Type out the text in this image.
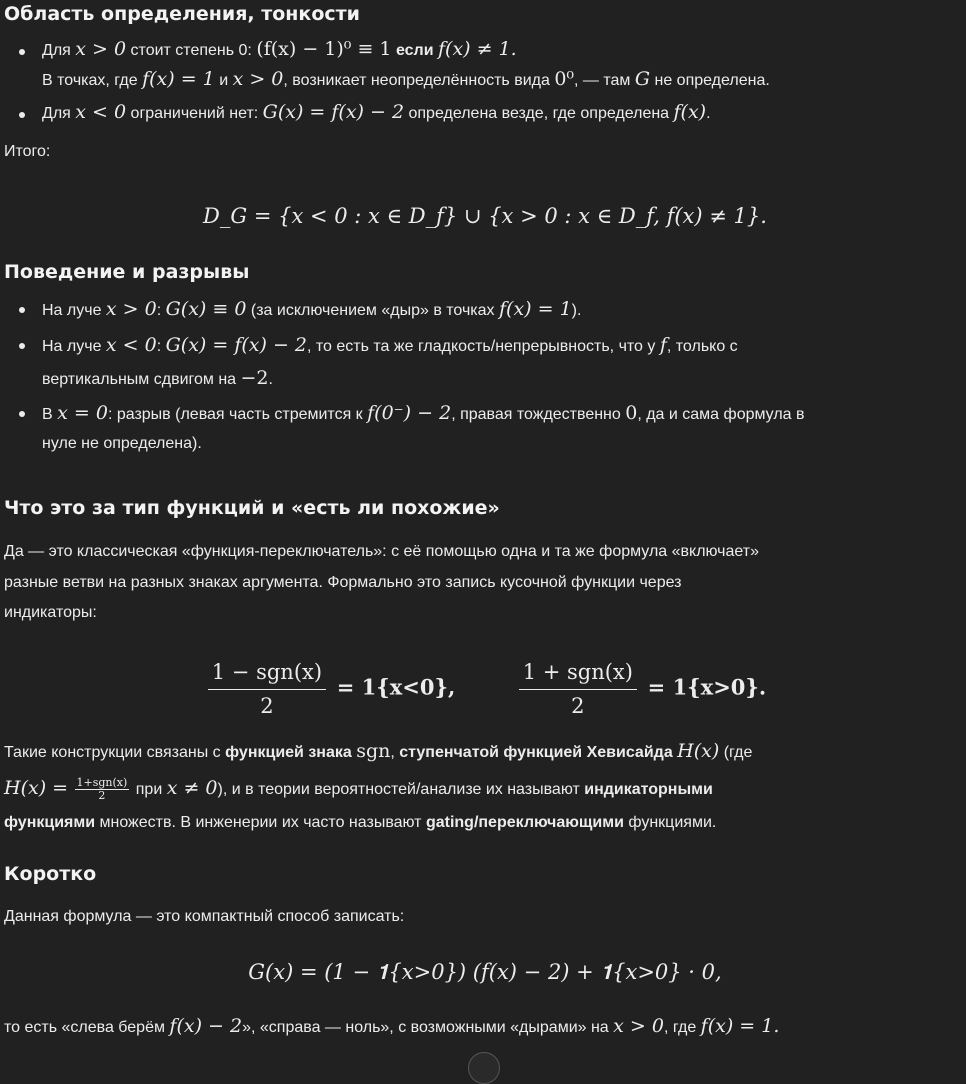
Область определения, тонкости
Для x > 0 стоит степень 0: (f(x) − 1)⁰ ≡ 1 если f(x) ≠ 1.
В точках, где f(x) = 1 и x > 0, возникает неопределённость вида 0⁰, — там G не определена.
Для x < 0 ограничений нет: G(x) = f(x) − 2 определена везде, где определена f(x).

Итого:

D_G = {x < 0 : x ∈ D_f} ∪ {x > 0 : x ∈ D_f, f(x) ≠ 1}.
Поведение и разрывы
На луче x > 0: G(x) ≡ 0 (за исключением «дыр» в точках f(x) = 1).
На луче x < 0: G(x) = f(x) − 2, то есть та же гладкость/непрерывность, что у f, только с
вертикальным сдвигом на −2.
В x = 0: разрыв (левая часть стремится к f(0⁻) − 2, правая тождественно 0, да и сама формула в
нуле не определена).
Что это за тип функций и «есть ли похожие»

Да — это классическая «функция-переключатель»: с её помощью одна и та же формула «включает»
разные ветви на разных знаках аргумента. Формально это запись кусочной функции через
индикаторы:

$\frac{\text{1 − sgn(x)}}{2}$ = 𝟏{x<0},	$\frac{\text{1 + sgn(x)}}{2}$ = 𝟏{x>0}.
Такие конструкции связаны с функцией знака sgn, ступенчатой функцией Хевисайда H(x) (где
$H(x) = \frac{\text{1+sgn(x)}}{2}$ при x ≠ 0), и в теории вероятностей/анализе их называют индикаторными
функциями множеств. В инженерии их часто называют gating/переключающими функциями.
Коротко

Данная формула — это компактный способ записать:

G(x) = (1 − 𝟏{x>0}) (f(x) − 2) + 𝟏{x>0} · 0,
то есть «слева берём f(x) − 2», «справа — ноль», с возможными «дырами» на x > 0, где f(x) = 1.
